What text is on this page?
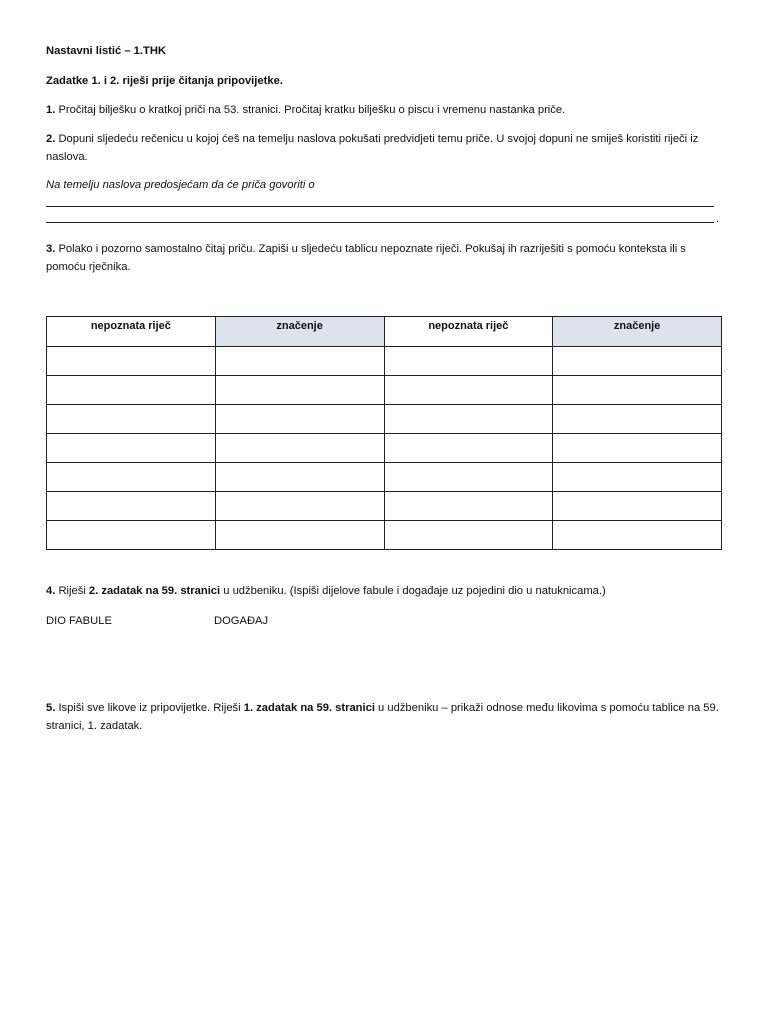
Nastavni listić – 1.THK
Zadatke 1. i 2. riješi prije čitanja pripovijetke.
1. Pročitaj bilješku o kratkoj priči na 53. stranici. Pročitaj kratku bilješku o piscu i vremenu nastanka priče.
2. Dopuni sljedeću rečenicu u kojoj ćeš na temelju naslova pokušati predvidjeti temu priče. U svojoj dopuni ne smiješ koristiti riječi iz naslova.
Na temelju naslova predosjećam da će priča govoriti o
.
3. Polako i pozorno samostalno čitaj priču. Zapiši u sljedeću tablicu nepoznate riječi. Pokušaj ih razriješiti s pomoću konteksta ili s pomoću rječnika.
nepoznata riječ	značenje	nepoznata riječ	značenje

4. Riješi 2. zadatak na 59. stranici u udžbeniku. (Ispiši dijelove fabule i događaje uz pojedini dio u natuknicama.)
DIO FABULE	DOGAĐAJ
5. Ispiši sve likove iz pripovijetke. Riješi 1. zadatak na 59. stranici u udžbeniku – prikaži odnose među likovima s pomoću tablice na 59. stranici, 1. zadatak.
